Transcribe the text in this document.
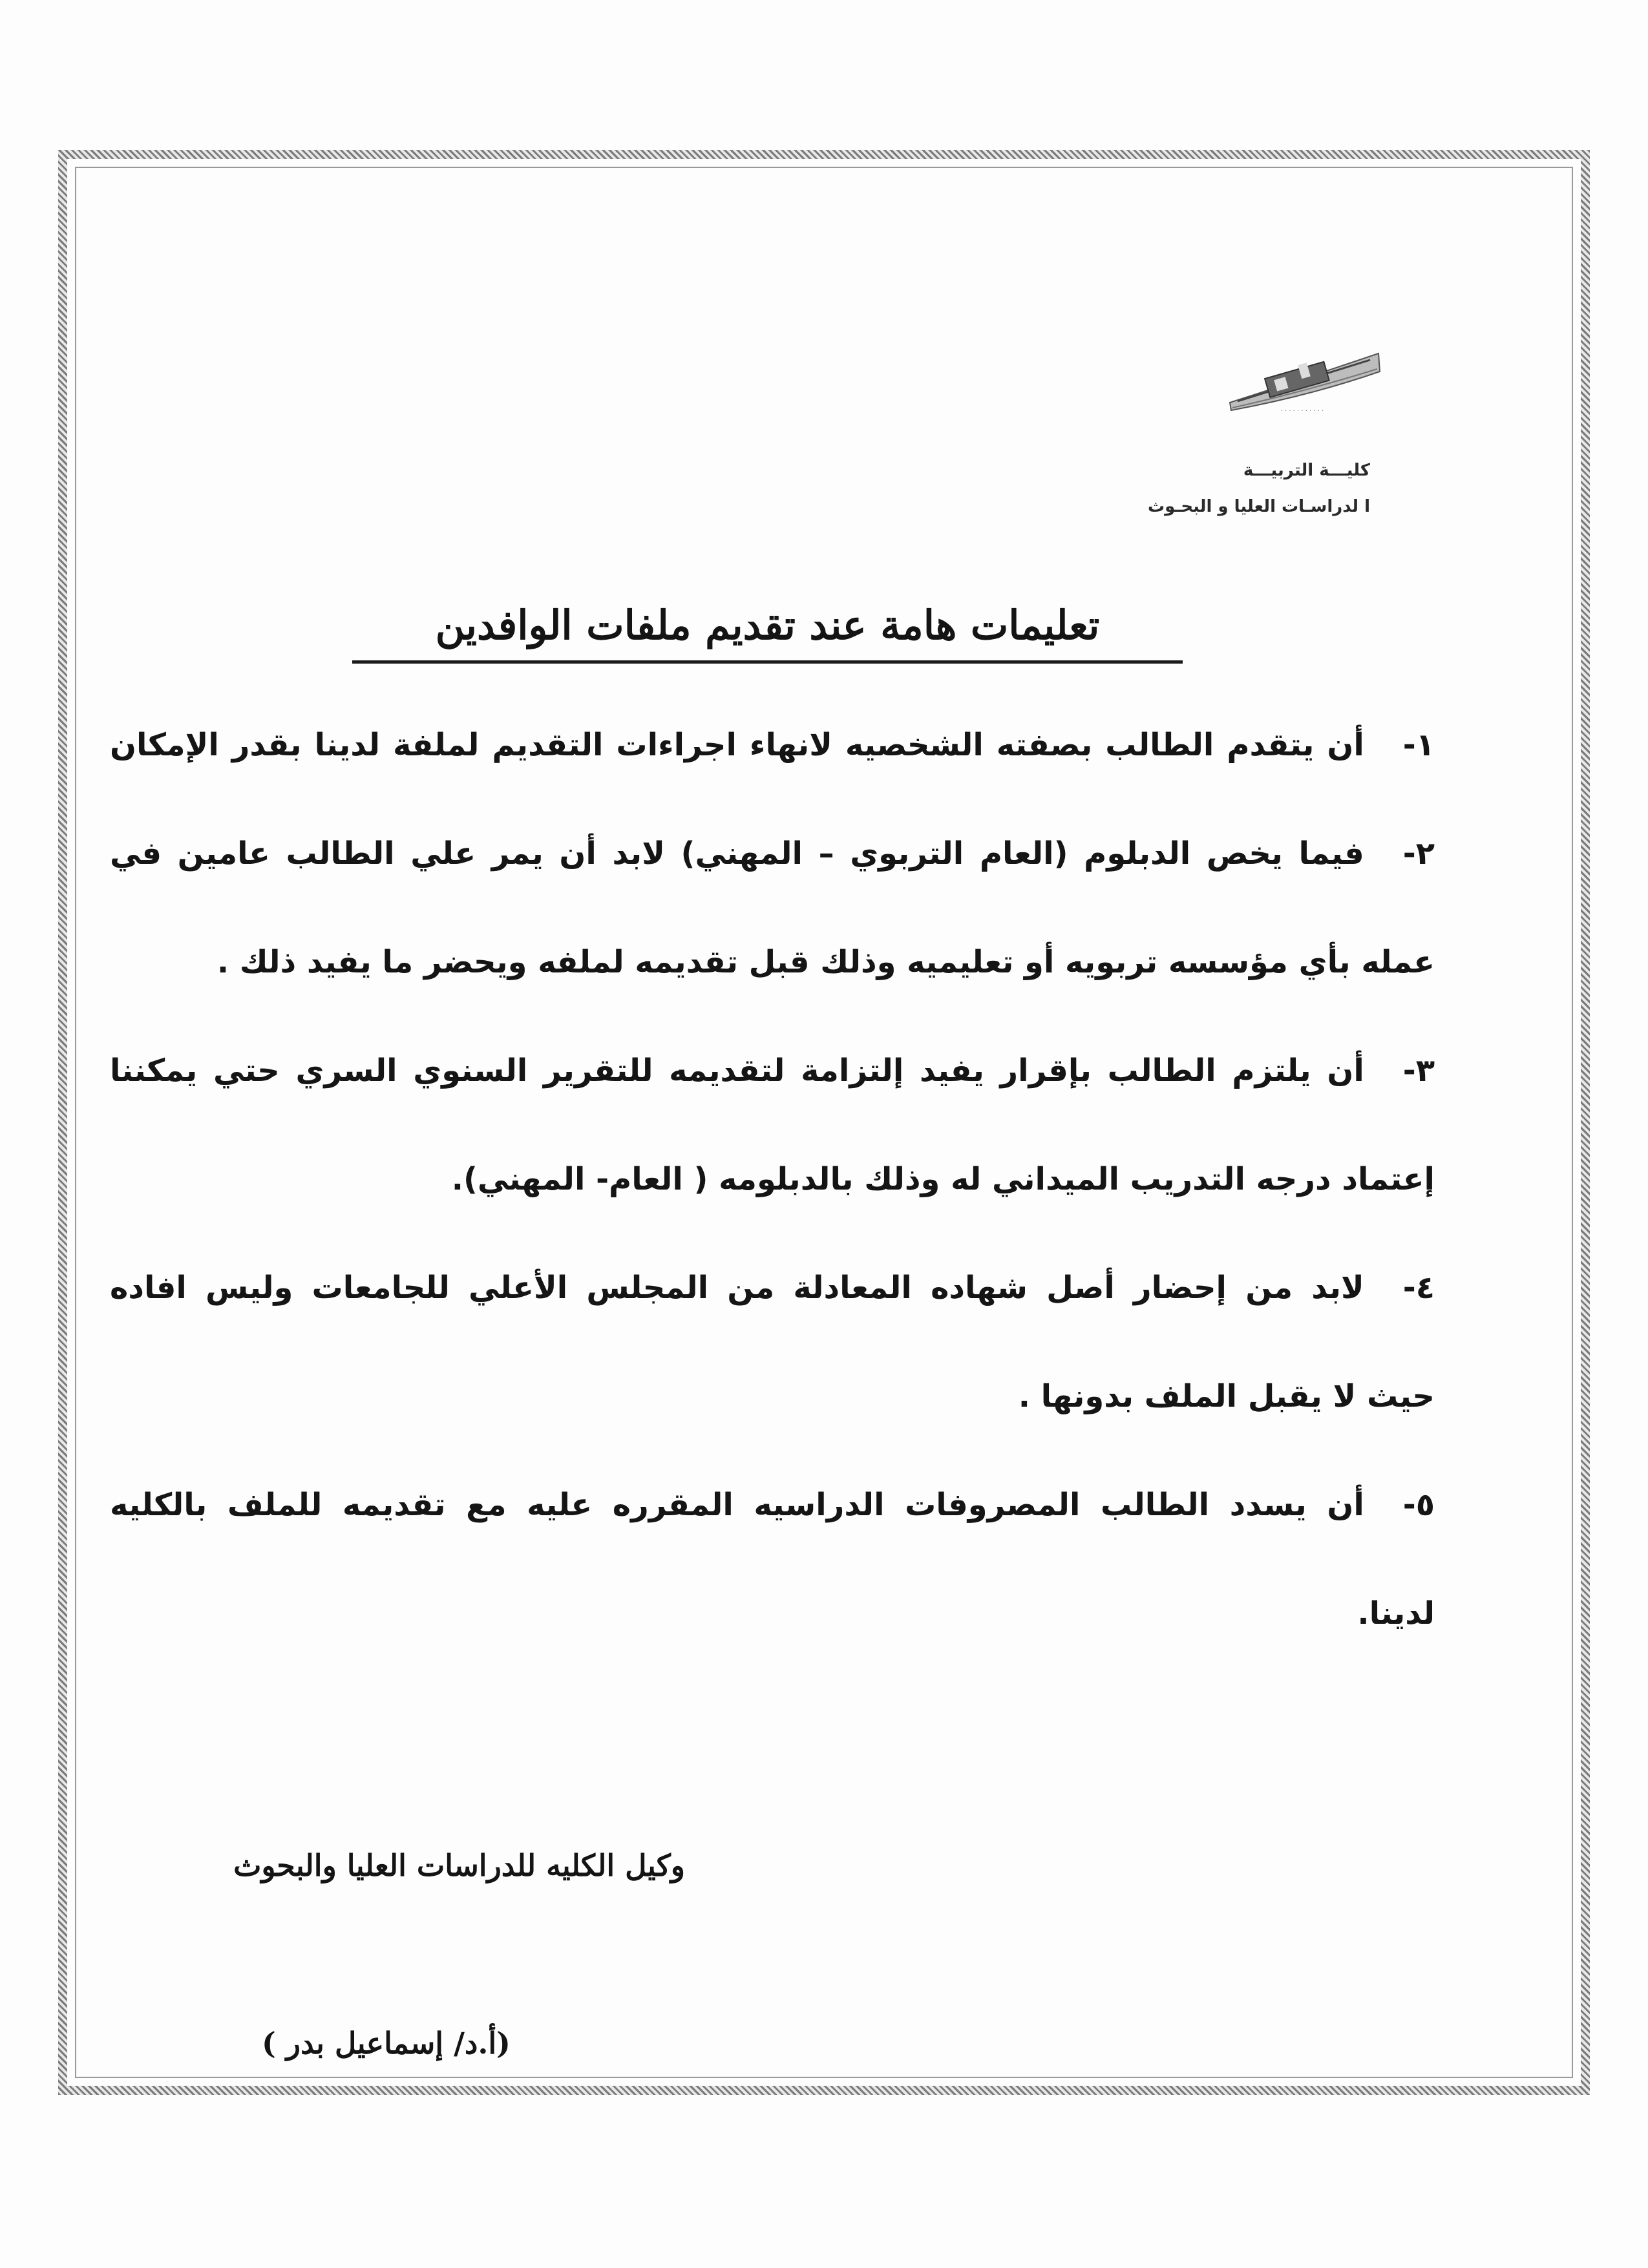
· · · · · · · · · · ·
كليـــة التربيـــة
ا لدراسـات العليا و البحـوث
تعليمات هامة عند تقديم ملفات الوافدين
١-أن يتقدم الطالب بصفته الشخصيه لانهاء اجراءات التقديم لملفة لدينا بقدر الإمكان
٢-فيما يخص الدبلوم (العام التربوي – المهني) لابد أن يمر علي الطالب عامين في
عمله بأي مؤسسه تربويه أو تعليميه وذلك قبل تقديمه لملفه ويحضر ما يفيد ذلك .
٣-أن يلتزم الطالب بإقرار يفيد إلتزامة لتقديمه للتقرير السنوي السري حتي يمكننا
إعتماد درجه التدريب الميداني له وذلك بالدبلومه ( العام- المهني).
٤-لابد من إحضار أصل شهاده المعادلة من المجلس الأعلي للجامعات وليس افاده
حيث لا يقبل الملف بدونها .
٥-أن يسدد الطالب المصروفات الدراسيه المقرره عليه مع تقديمه للملف بالكليه
لدينا.
وكيل الكليه للدراسات العليا والبحوث
(أ.د/ إسماعيل بدر )
